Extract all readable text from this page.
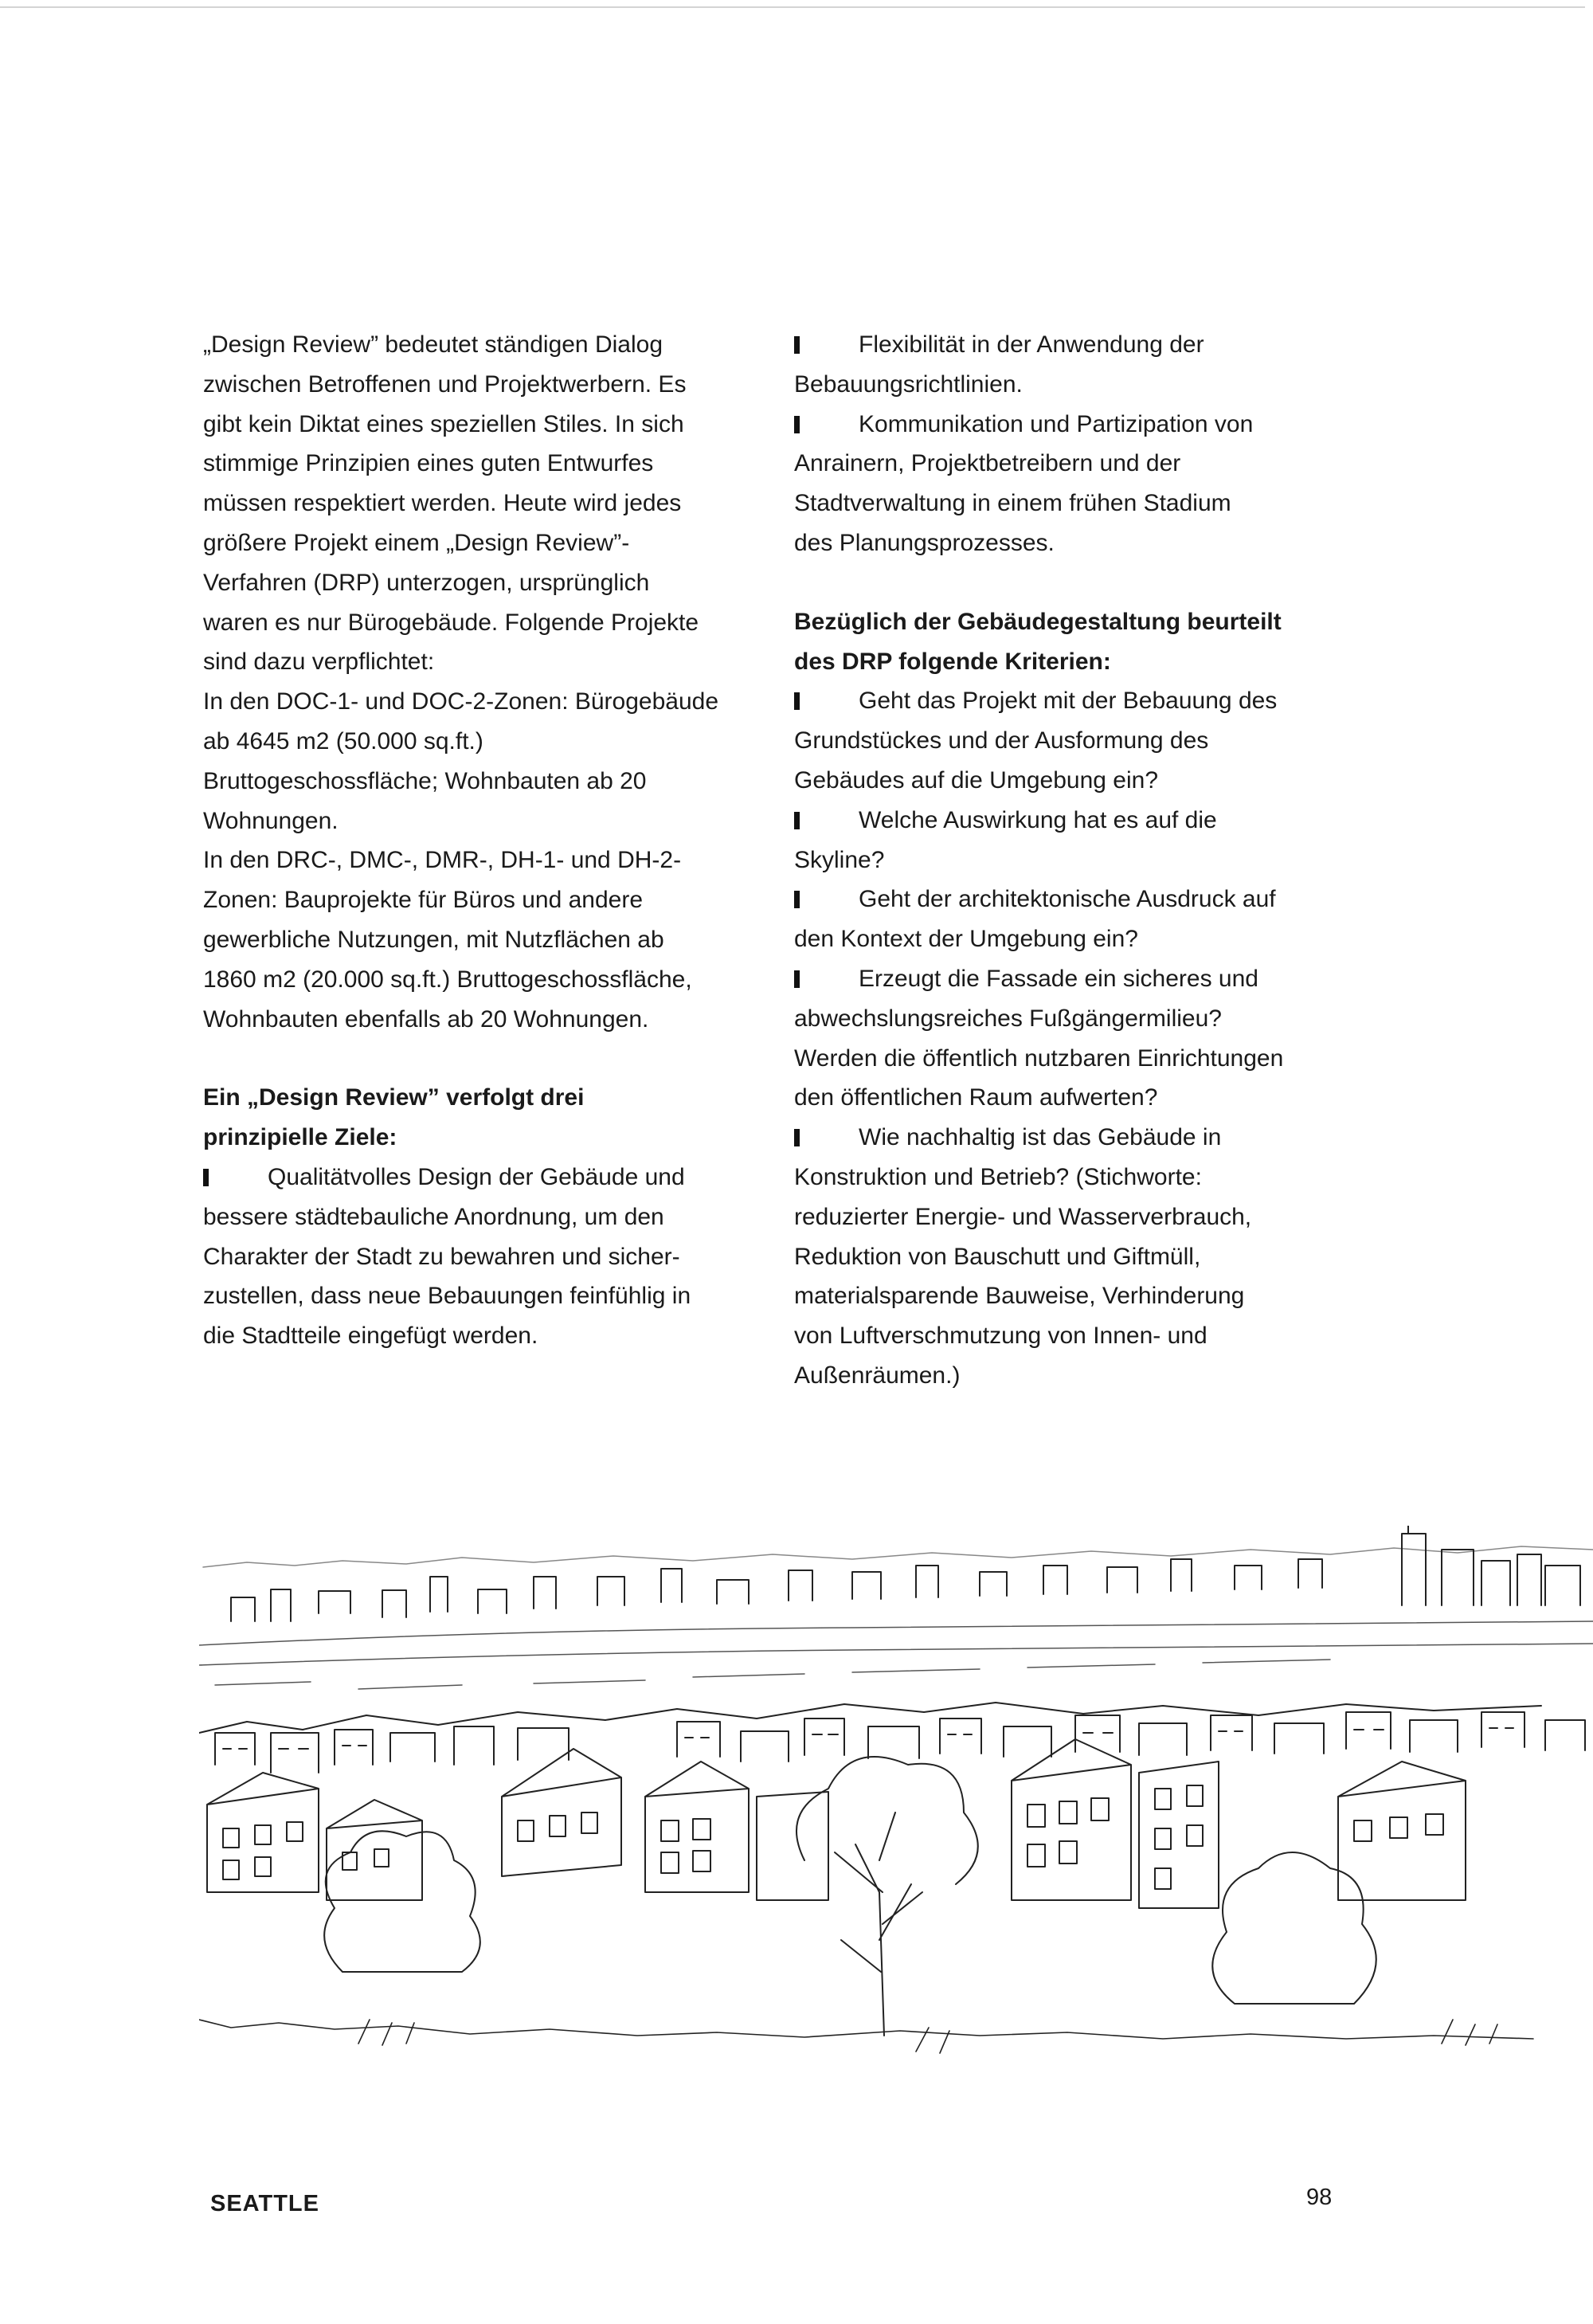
„Design Review” bedeutet ständigen Dialog
zwischen Betroffenen und Projektwerbern. Es
gibt kein Diktat eines speziellen Stiles. In sich
stimmige Prinzipien eines guten Entwurfes
müssen respektiert werden. Heute wird jedes
größere Projekt einem „Design Review”-
Verfahren (DRP) unterzogen, ursprünglich
waren es nur Bürogebäude. Folgende Projekte
sind dazu verpflichtet:
In den DOC-1- und DOC-2-Zonen: Bürogebäude
ab 4645 m2 (50.000 sq.ft.)
Bruttogeschossfläche; Wohnbauten ab 20
Wohnungen.
In den DRC-, DMC-, DMR-, DH-1- und DH-2-
Zonen: Bauprojekte für Büros und andere
gewerbliche Nutzungen, mit Nutzflächen ab
1860 m2 (20.000 sq.ft.) Bruttogeschossfläche,
Wohnbauten ebenfalls ab 20 Wohnungen.

Ein „Design Review” verfolgt drei
prinzipielle Ziele:

Qualitätvolles Design der Gebäude und
bessere städtebauliche Anordnung, um den
Charakter der Stadt zu bewahren und sicher-
zustellen, dass neue Bebauungen feinfühlig in
die Stadtteile eingefügt werden.

Flexibilität in der Anwendung der
Bebauungsrichtlinien.

Kommunikation und Partizipation von
Anrainern, Projektbetreibern und der
Stadtverwaltung in einem frühen Stadium
des Planungsprozesses.

Bezüglich der Gebäudegestaltung beurteilt
des DRP folgende Kriterien:

Geht das Projekt mit der Bebauung des
Grundstückes und der Ausformung des
Gebäudes auf die Umgebung ein?

Welche Auswirkung hat es auf die
Skyline?

Geht der architektonische Ausdruck auf
den Kontext der Umgebung ein?

Erzeugt die Fassade ein sicheres und
abwechslungsreiches Fußgängermilieu?
Werden die öffentlich nutzbaren Einrichtungen
den öffentlichen Raum aufwerten?

Wie nachhaltig ist das Gebäude in
Konstruktion und Betrieb? (Stichworte:
reduzierter Energie- und Wasserverbrauch,
Reduktion von Bauschutt und Giftmüll,
materialsparende Bauweise, Verhinderung
von Luftverschmutzung von Innen- und
Außenräumen.)

SEATTLE	98
